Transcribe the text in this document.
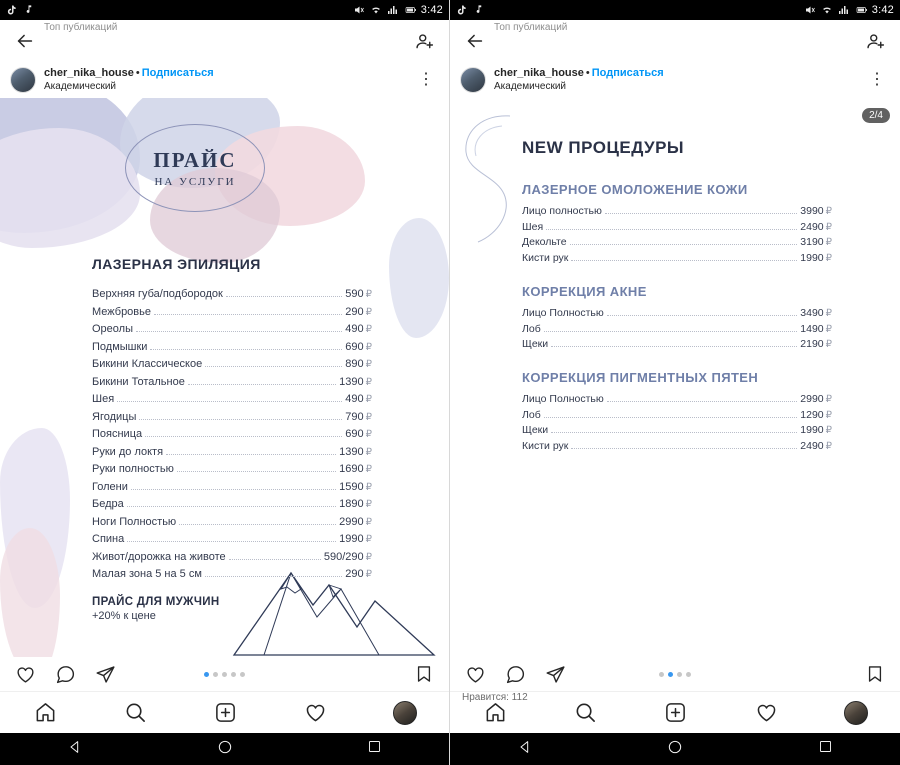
3:42
Топ публикаций
cher_nika_house • Подписаться
Академический	⋮
ПРАЙС
НА УСЛУГИ
ЛАЗЕРНАЯ ЭПИЛЯЦИЯ
Верхняя губа/подбородок	590 ₽
Межбровье	290 ₽
Ореолы	490 ₽
Подмышки	690 ₽
Бикини Классическое	890 ₽
Бикини Тотальное	1390 ₽
Шея	490 ₽
Ягодицы	790 ₽
Поясница	690 ₽
Руки до локтя	1390 ₽
Руки полностью	1690 ₽
Голени	1590 ₽
Бедра	1890 ₽
Ноги Полностью	2990 ₽
Спина	1990 ₽
Живот/дорожка на животе	590/290 ₽
Малая зона 5 на 5 см	290 ₽
ПРАЙС ДЛЯ МУЖЧИН
+20% к цене
3:42
Топ публикаций
cher_nika_house • Подписаться
Академический	⋮
2/4
NEW ПРОЦЕДУРЫ
ЛАЗЕРНОЕ ОМОЛОЖЕНИЕ КОЖИ
Лицо полностью	3990 ₽
Шея	2490 ₽
Декольте	3190 ₽
Кисти рук	1990 ₽
КОРРЕКЦИЯ АКНЕ
Лицо Полностью	3490 ₽
Лоб	1490 ₽
Щеки	2190 ₽
КОРРЕКЦИЯ ПИГМЕНТНЫХ ПЯТЕН
Лицо Полностью	2990 ₽
Лоб	1290 ₽
Щеки	1990 ₽
Кисти рук	2490 ₽
Нравится: 112
